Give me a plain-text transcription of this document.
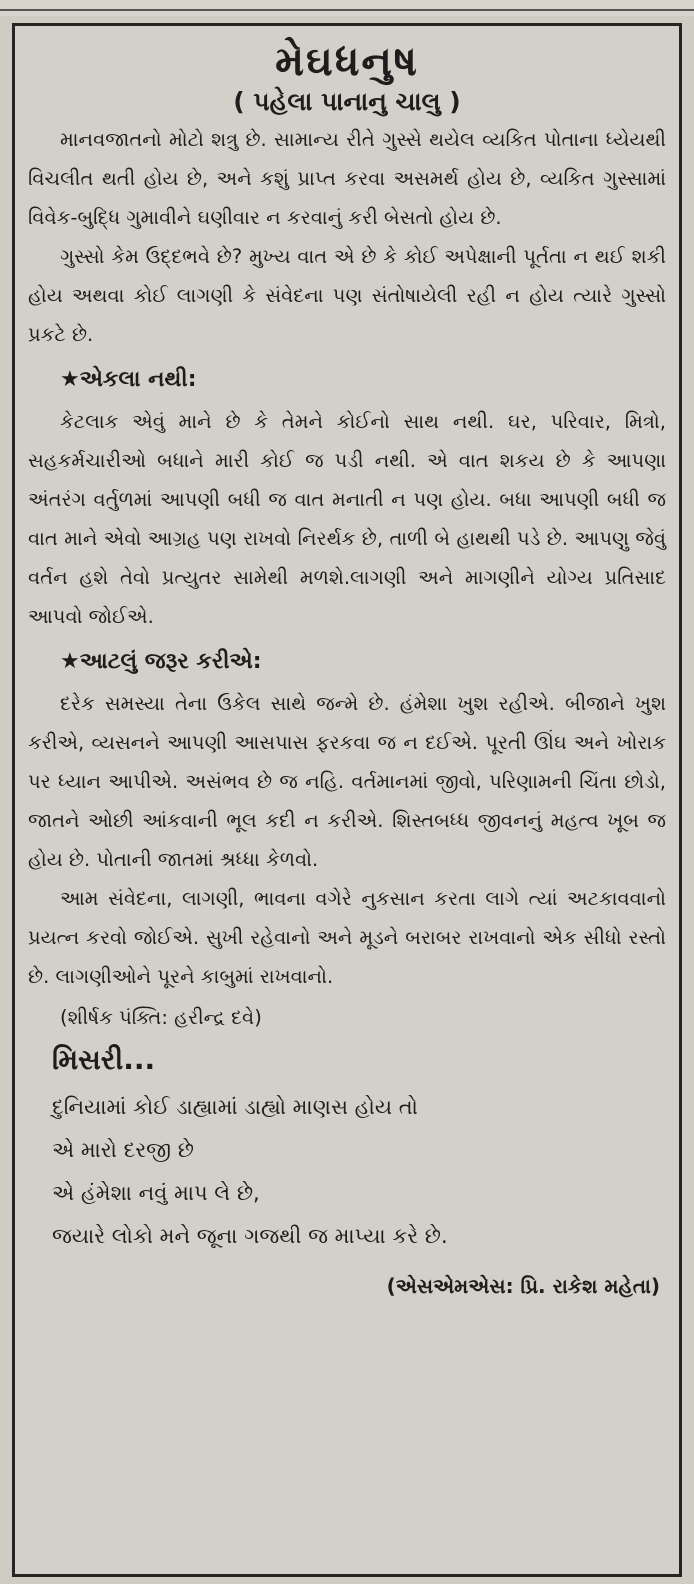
મેઘધનુષ
( પહેલા પાનાનુ ચાલુ )

માનવજાતનો મોટો શત્રુ છે. સામાન્ય રીતે ગુસ્સે થયેલ વ્યકિત પોતાના ધ્યેયથી વિચલીત થતી હોય છે, અને કશું પ્રાપ્ત કરવા અસમર્થ હોય છે, વ્યકિત ગુસ્સામાં વિવેક-બુદ્ધિ ગુમાવીને ઘણીવાર ન કરવાનું કરી બેસતો હોય છે.

ગુસ્સો કેમ ઉદ્દભવે છે? મુખ્ય વાત એ છે કે કોઈ અપેક્ષાની પૂર્તતા ન થઈ શકી હોય અથવા કોઈ લાગણી કે સંવેદના પણ સંતોષાયેલી રહી ન હોય ત્યારે ગુસ્સો પ્રકટે છે.

★એકલા નથી:

કેટલાક એવું માને છે કે તેમને કોઈનો સાથ નથી. ઘર, પરિવાર, મિત્રો, સહકર્મચારીઓ બધાને મારી કોઈ જ પડી નથી. એ વાત શકય છે કે આપણા અંતરંગ વર્તુળમાં આપણી બધી જ વાત મનાતી ન પણ હોય. બધા આપણી બધી જ વાત માને એવો આગ્રહ પણ રાખવો નિરર્થક છે, તાળી બે હાથથી પડે છે. આપણુ જેવું વર્તન હશે તેવો પ્રત્યુતર સામેથી મળશે.લાગણી અને માગણીને યોગ્ય પ્રતિસાદ આપવો જોઈએ.

★આટલું જરૂર કરીએ:

દરેક સમસ્યા તેના ઉકેલ સાથે જન્મે છે. હંમેશા ખુશ રહીએ. બીજાને ખુશ કરીએ, વ્યસનને આપણી આસપાસ ફરકવા જ ન દઈએ. પૂરતી ઊંઘ અને ખોરાક પર ધ્યાન આપીએ. અસંભવ છે જ નહિ. વર્તમાનમાં જીવો, પરિણામની ચિંતા છોડો, જાતને ઓછી આંકવાની ભૂલ કદી ન કરીએ. શિસ્તબધ્ધ જીવનનું મહત્વ ખૂબ જ હોય છે. પોતાની જાતમાં શ્રધ્ધા કેળવો.

આમ સંવેદના, લાગણી, ભાવના વગેરે નુકસાન કરતા લાગે ત્યાં અટકાવવાનો પ્રયત્ન કરવો જોઈએ. સુખી રહેવાનો અને મૂડને બરાબર રાખવાનો એક સીધો રસ્તો છે. લાગણીઓને પૂરને કાબુમાં રાખવાનો.

(શીર્ષક પંક્તિ: હરીન્દ્ર દવે)
મિસરી...
દુનિયામાં કોઈ ડાહ્યામાં ડાહ્યો માણસ હોય તો
એ મારો દરજી છે
એ હંમેશા નવું માપ લે છે,
જયારે લોકો મને જૂના ગજથી જ માપ્યા કરે છે.
(એસએમએસ: પ્રિ. રાકેશ મહેતા)
